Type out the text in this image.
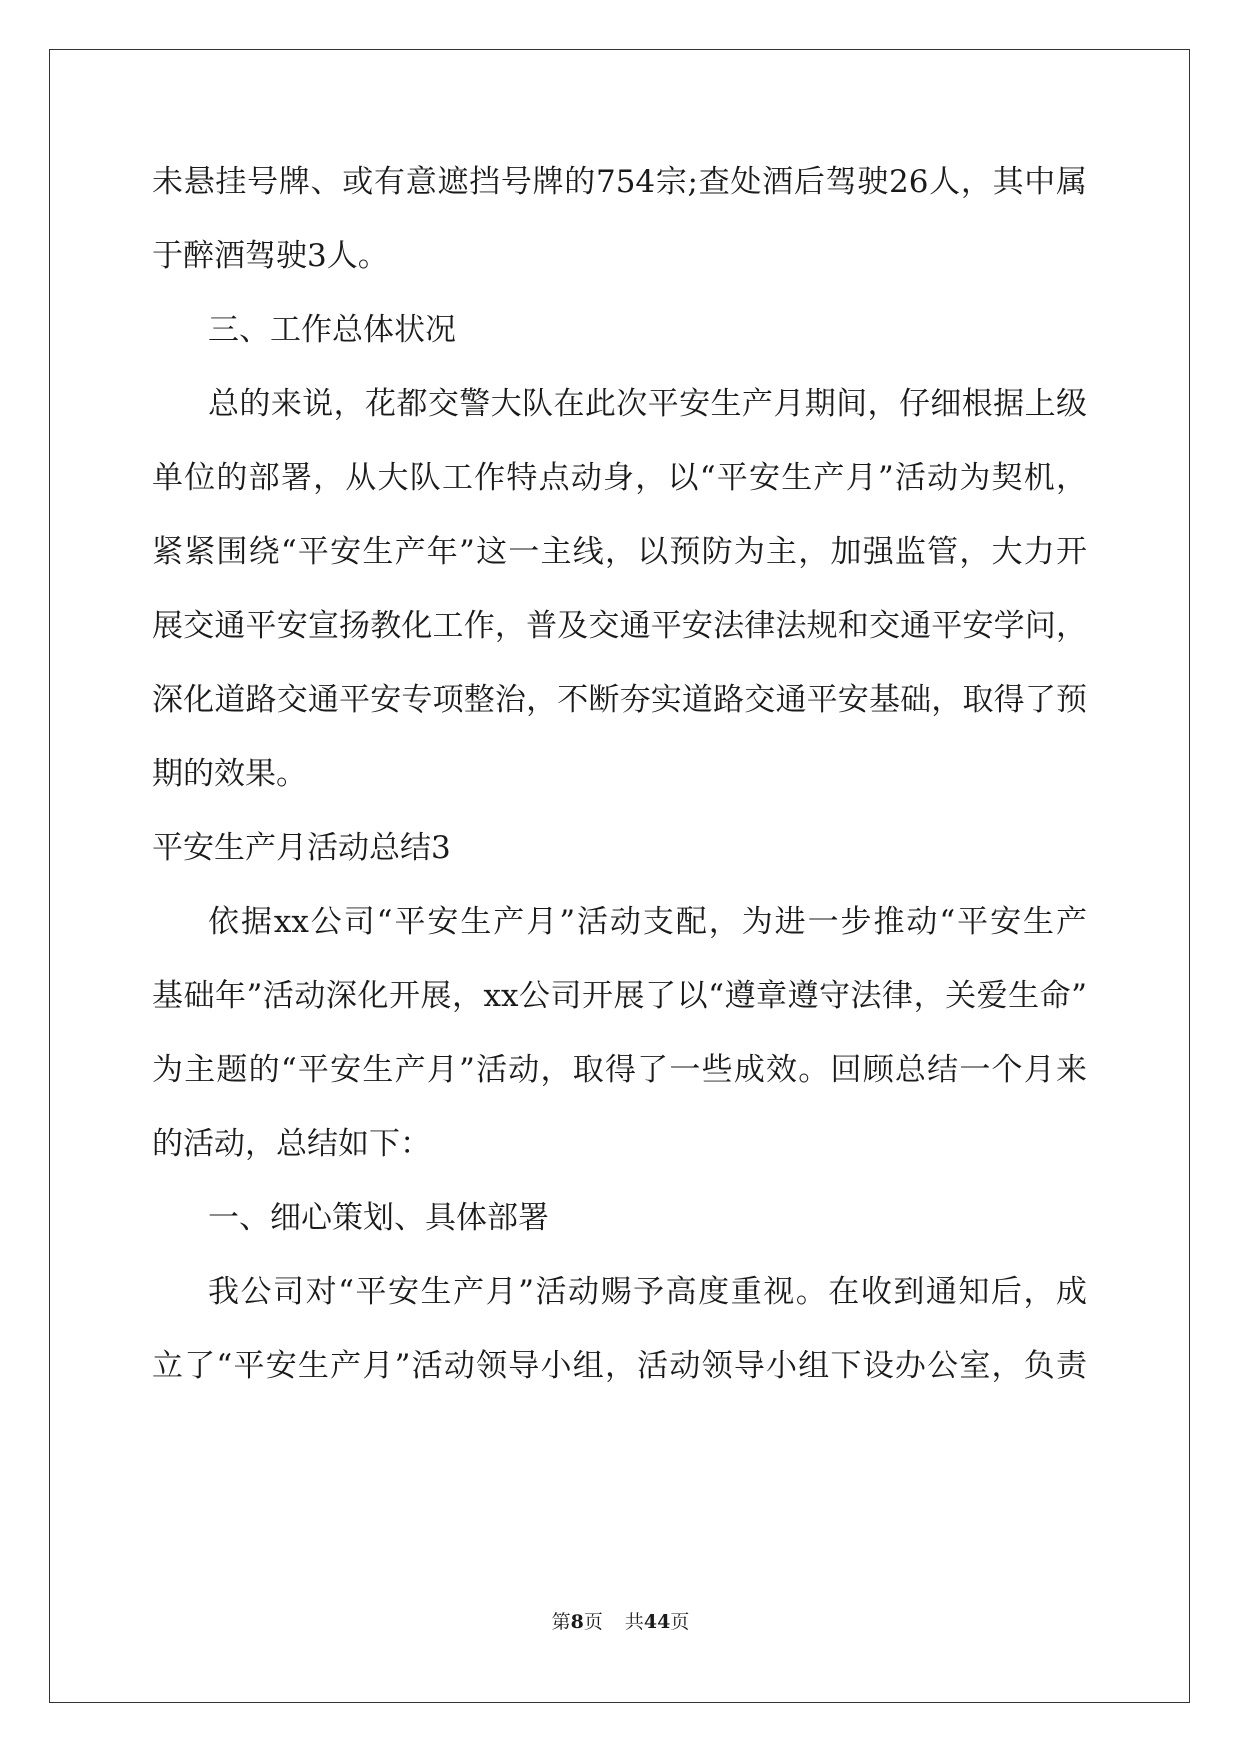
未悬挂号牌、或有意遮挡号牌的754宗;查处酒后驾驶26人，其中属
于醉酒驾驶3人。
三、工作总体状况
总的来说，花都交警大队在此次平安生产月期间，仔细根据上级
单位的部署，从大队工作特点动身，以“平安生产月”活动为契机，
紧紧围绕“平安生产年”这一主线，以预防为主，加强监管，大力开
展交通平安宣扬教化工作，普及交通平安法律法规和交通平安学问，
深化道路交通平安专项整治，不断夯实道路交通平安基础，取得了预
期的效果。
平安生产月活动总结3
依据xx公司“平安生产月”活动支配，为进一步推动“平安生产
基础年”活动深化开展，xx公司开展了以“遵章遵守法律，关爱生命”
为主题的“平安生产月”活动，取得了一些成效。回顾总结一个月来
的活动，总结如下：
一、细心策划、具体部署
我公司对“平安生产月”活动赐予高度重视。在收到通知后，成
立了“平安生产月”活动领导小组，活动领导小组下设办公室，负责
第8页 共44页
